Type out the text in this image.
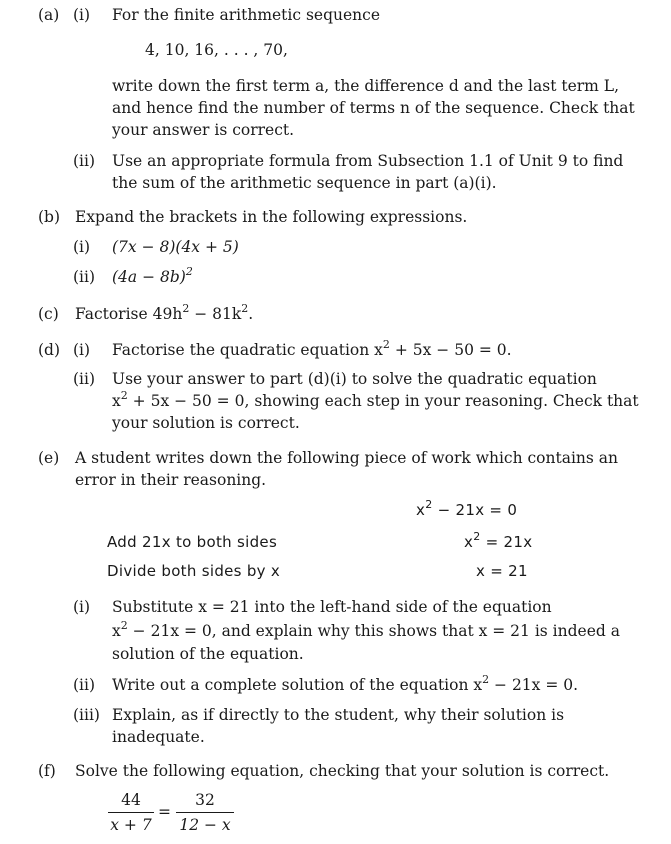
(a) (i) For the finite arithmetic sequence
4, 10, 16, . . . , 70,
write down the first term a, the difference d and the last term L,
and hence find the number of terms n of the sequence. Check that
your answer is correct.
(ii) Use an appropriate formula from Subsection 1.1 of Unit 9 to find
the sum of the arithmetic sequence in part (a)(i).
(b) Expand the brackets in the following expressions.
(i) (7x − 8)(4x + 5)
(ii) $(4a - 8b)^2$
(c) Factorise $49h^2 - 81k^2$.
(d) (i) Factorise the quadratic equation $x^2 + 5x - 50 = 0$.
(ii) Use your answer to part (d)(i) to solve the quadratic equation
$x^2 + 5x - 50 = 0$, showing each step in your reasoning. Check that
your solution is correct.
(e) A student writes down the following piece of work which contains an
error in their reasoning.
$x^2 - 21x = 0$
Add 21x to both sides	$x^2 = 21x$
Divide both sides by x	x = 21
(i) Substitute x = 21 into the left-hand side of the equation
$x^2 - 21x = 0$, and explain why this shows that x = 21 is indeed a
solution of the equation.
(ii) Write out a complete solution of the equation $x^2 - 21x = 0$.
(iii) Explain, as if directly to the student, why their solution is
inadequate.
(f) Solve the following equation, checking that your solution is correct.
44
x + 7
=
32
12 − x
